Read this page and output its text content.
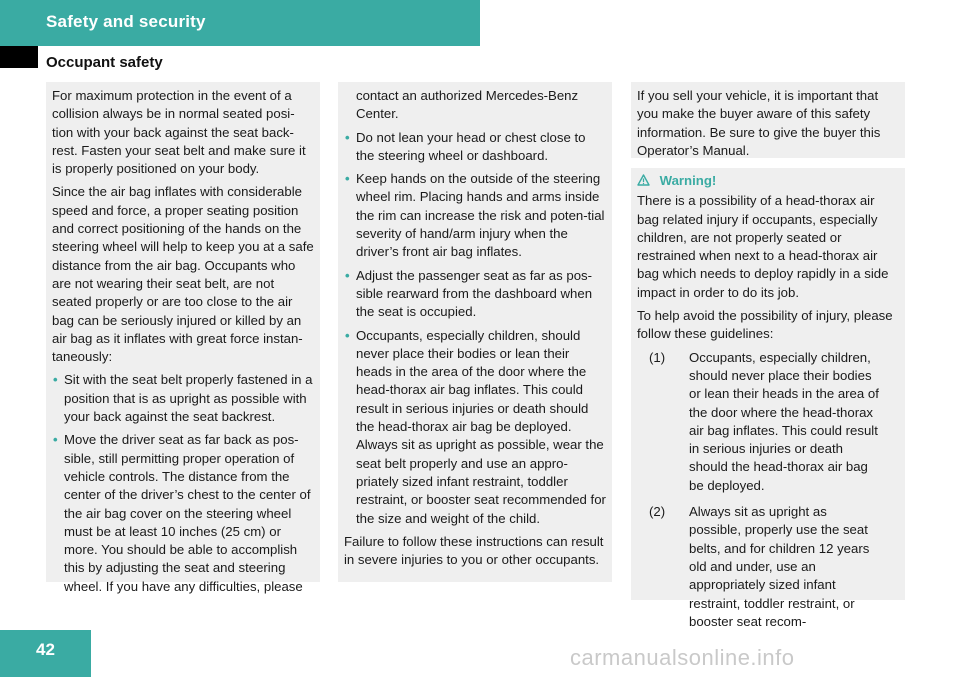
Safety and security
Occupant safety

For maximum protection in the event of a collision always be in normal seated posi-tion with your back against the seat back-rest. Fasten your seat belt and make sure it is properly positioned on your body.

Since the air bag inflates with considerable speed and force, a proper seating position and correct positioning of the hands on the steering wheel will help to keep you at a safe distance from the air bag. Occupants who are not wearing their seat belt, are not seated properly or are too close to the air bag can be seriously injured or killed by an air bag as it inflates with great force instan-taneously:

• Sit with the seat belt properly fastened in a position that is as upright as possible with your back against the seat backrest.
• Move the driver seat as far back as pos-sible, still permitting proper operation of vehicle controls. The distance from the center of the driver’s chest to the center of the air bag cover on the steering wheel must be at least 10 inches (25 cm) or more. You should be able to accomplish this by adjusting the seat and steering wheel. If you have any difficulties, please
contact an authorized Mercedes-Benz Center.
• Do not lean your head or chest close to the steering wheel or dashboard.
• Keep hands on the outside of the steering wheel rim. Placing hands and arms inside the rim can increase the risk and poten-tial severity of hand/arm injury when the driver’s front air bag inflates.
• Adjust the passenger seat as far as pos-sible rearward from the dashboard when the seat is occupied.
• Occupants, especially children, should never place their bodies or lean their heads in the area of the door where the head-thorax air bag inflates. This could result in serious injuries or death should the head-thorax air bag be deployed. Always sit as upright as possible, wear the seat belt properly and use an appro-priately sized infant restraint, toddler restraint, or booster seat recommended for the size and weight of the child.

Failure to follow these instructions can result in severe injuries to you or other occupants.

If you sell your vehicle, it is important that you make the buyer aware of this safety information. Be sure to give the buyer this Operator’s Manual.

Warning!

There is a possibility of a head-thorax air bag related injury if occupants, especially children, are not properly seated or restrained when next to a head-thorax air bag which needs to deploy rapidly in a side impact in order to do its job.

To help avoid the possibility of injury, please follow these guidelines:

(1)	Occupants, especially children, should never place their bodies or lean their heads in the area of the door where the head-thorax air bag inflates. This could result in serious injuries or death should the head-thorax air bag be deployed.
(2)	Always sit as upright as possible, properly use the seat belts, and for children 12 years old and under, use an appropriately sized infant restraint, toddler restraint, or booster seat recom-
42	carmanualsonline.info
